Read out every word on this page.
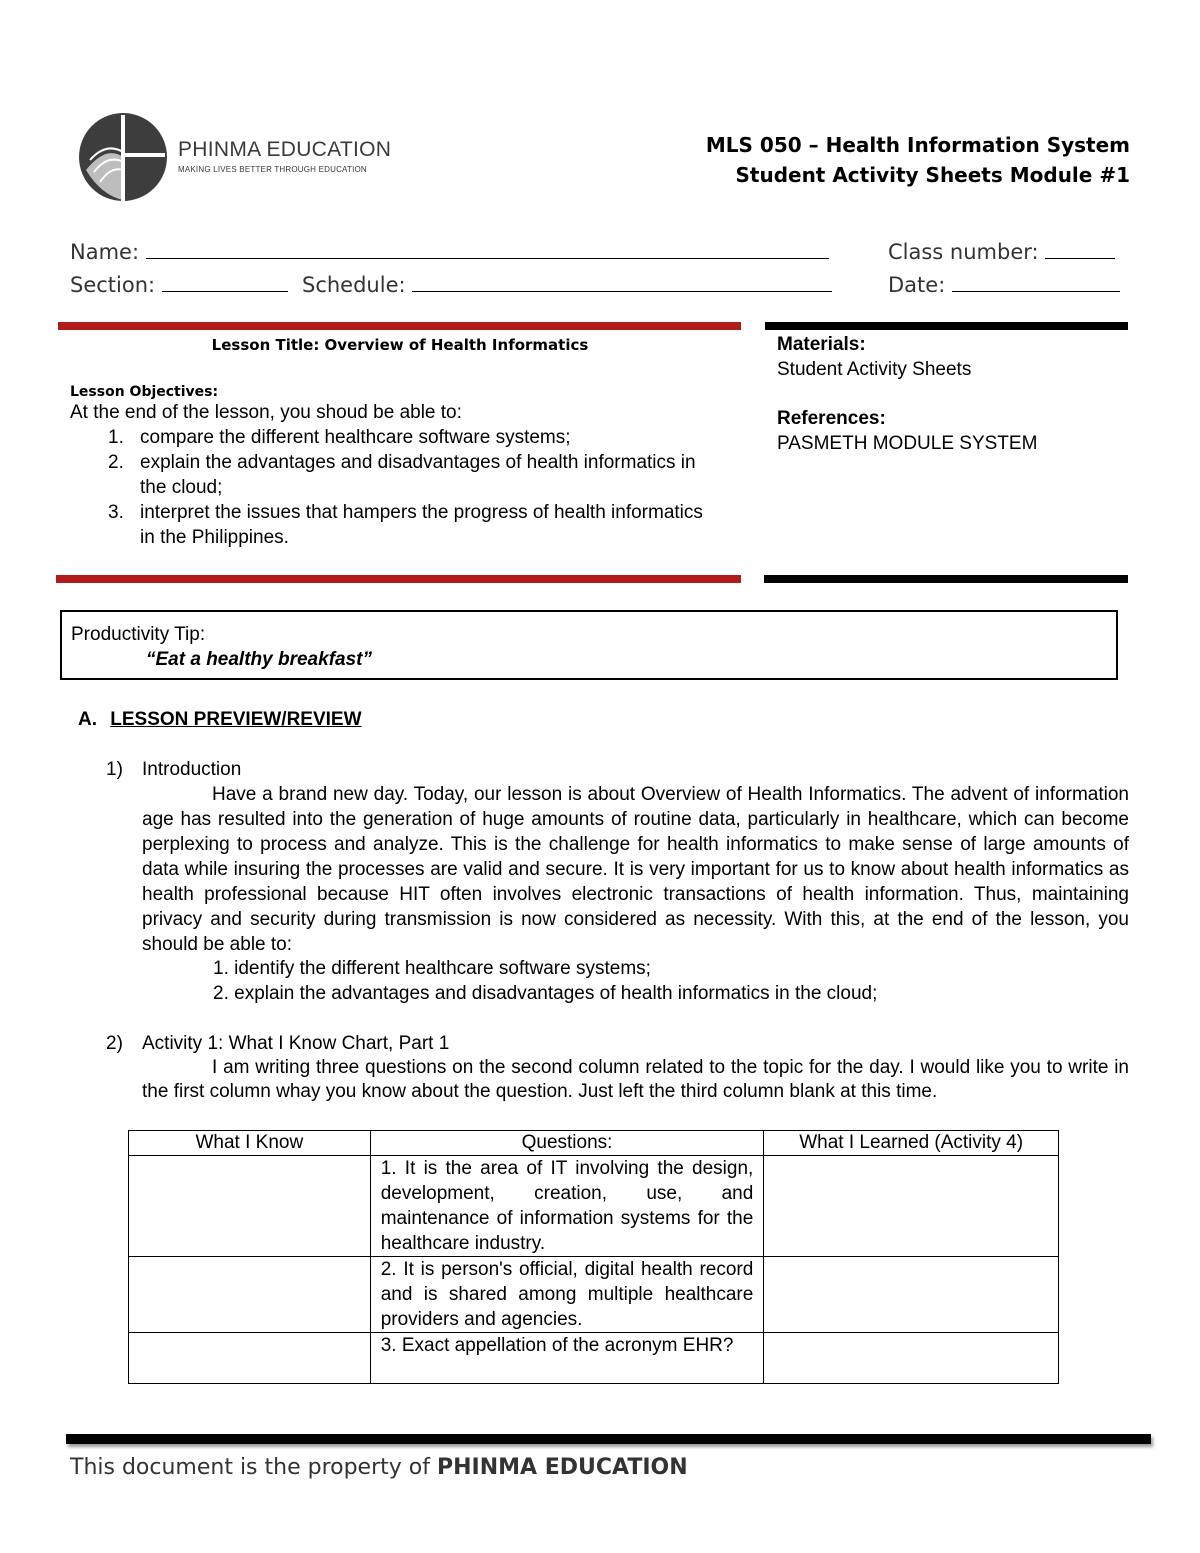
PHINMA EDUCATION
MAKING LIVES BETTER THROUGH EDUCATION
MLS 050 – Health Information System
Student Activity Sheets Module #1
Name:	Class number:
Section:	Schedule:	Date:
Lesson Title: Overview of Health Informatics
Lesson Objectives:
At the end of the lesson, you shoud be able to:
1. compare the different healthcare software systems;
2. explain the advantages and disadvantages of health informatics in the cloud;
3. interpret the issues that hampers the progress of health informatics in the Philippines.
Materials:
Student Activity Sheets
References:
PASMETH MODULE SYSTEM
Productivity Tip:
“Eat a healthy breakfast”
A. LESSON PREVIEW/REVIEW
1) Introduction
Have a brand new day. Today, our lesson is about Overview of Health Informatics. The advent of information age has resulted into the generation of huge amounts of routine data, particularly in healthcare, which can become perplexing to process and analyze. This is the challenge for health informatics to make sense of large amounts of data while insuring the processes are valid and secure. It is very important for us to know about health informatics as health professional because HIT often involves electronic transactions of health information. Thus, maintaining privacy and security during transmission is now considered as necessity. With this, at the end of the lesson, you should be able to:
1. identify the different healthcare software systems;
2. explain the advantages and disadvantages of health informatics in the cloud;
2) Activity 1: What I Know Chart, Part 1
I am writing three questions on the second column related to the topic for the day. I would like you to write in the first column whay you know about the question. Just left the third column blank at this time.
What I Know	Questions:	What I Learned (Activity 4)
	1. It is the area of IT involving the design, development, creation, use, and maintenance of information systems for the healthcare industry.	
	2. It is person's official, digital health record and is shared among multiple healthcare providers and agencies.	
	3. Exact appellation of the acronym EHR?	
This document is the property of PHINMA EDUCATION
